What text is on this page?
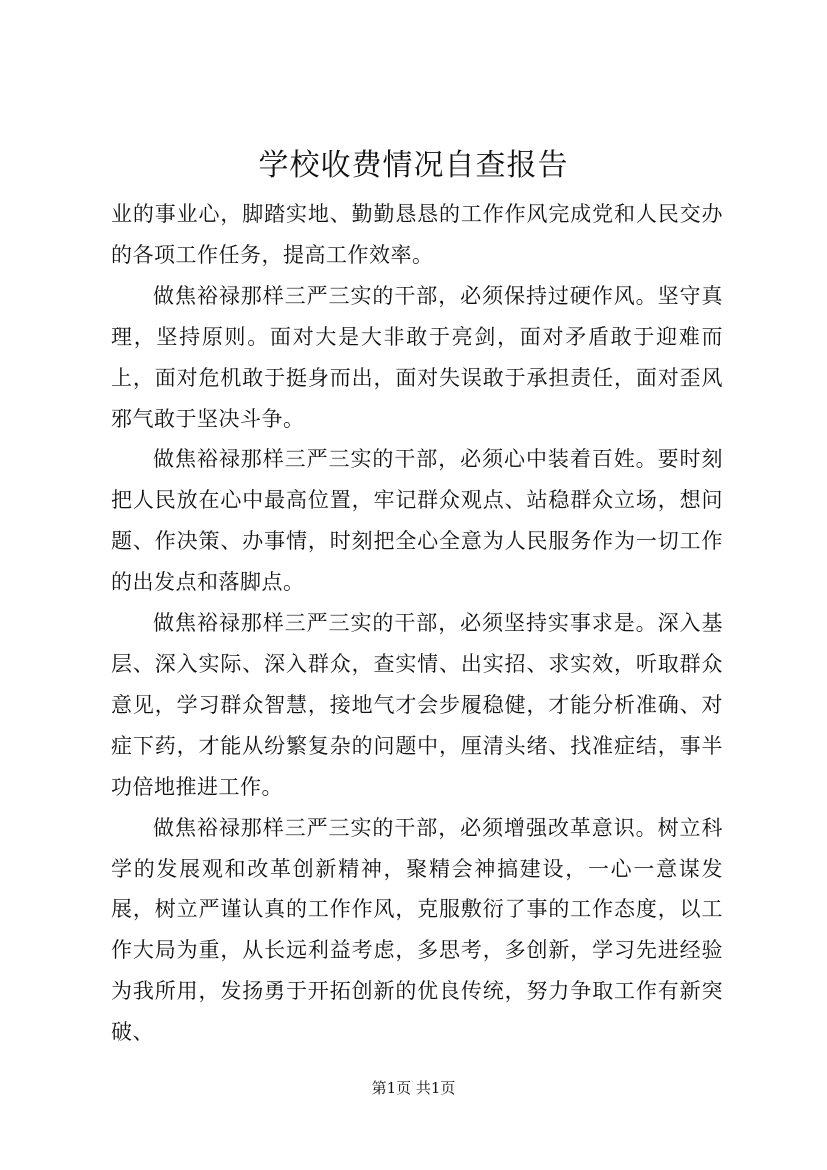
学校收费情况自查报告

业的事业心，脚踏实地、勤勤恳恳的工作作风完成党和人民交办的各项工作任务，提高工作效率。

做焦裕禄那样三严三实的干部，必须保持过硬作风。坚守真理，坚持原则。面对大是大非敢于亮剑，面对矛盾敢于迎难而上，面对危机敢于挺身而出，面对失误敢于承担责任，面对歪风邪气敢于坚决斗争。

做焦裕禄那样三严三实的干部，必须心中装着百姓。要时刻把人民放在心中最高位置，牢记群众观点、站稳群众立场，想问题、作决策、办事情，时刻把全心全意为人民服务作为一切工作的出发点和落脚点。

做焦裕禄那样三严三实的干部，必须坚持实事求是。深入基层、深入实际、深入群众，查实情、出实招、求实效，听取群众意见，学习群众智慧，接地气才会步履稳健，才能分析准确、对症下药，才能从纷繁复杂的问题中，厘清头绪、找准症结，事半功倍地推进工作。

做焦裕禄那样三严三实的干部，必须增强改革意识。树立科学的发展观和改革创新精神，聚精会神搞建设，一心一意谋发展，树立严谨认真的工作作风，克服敷衍了事的工作态度，以工作大局为重，从长远利益考虑，多思考，多创新，学习先进经验为我所用，发扬勇于开拓创新的优良传统，努力争取工作有新突破、

第1页 共1页
